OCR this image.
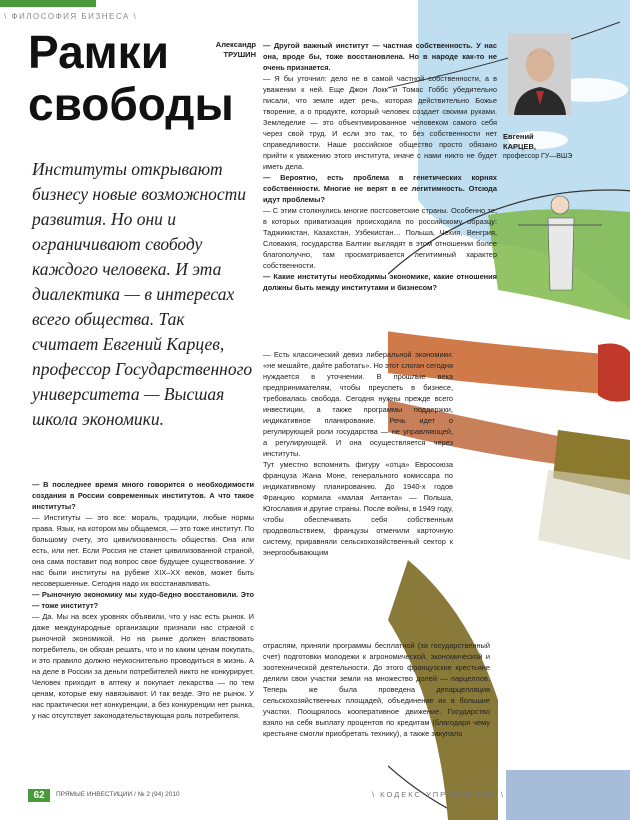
\ ФИЛОСОФИЯ БИЗНЕСА \
Рамки
свободы
Александр
ТРУШИН
Институты открывают бизнесу новые возможности развития. Но они и ограничивают свободу каждого человека. И эта диалектика — в интересах всего общества. Так считает Евгений Карцев, профессор Государственного университета — Высшая школа экономики.
Евгений
КАРЦЕВ,
профессор ГУ—ВШЭ

— В последнее время много говорится о необходимости создания в России современных институтов. А что такое институты?

— Институты — это все: мораль, традиции, любые нормы права. Язык, на котором мы общаемся, — это тоже институт. По большому счету, это цивилизованность общества. Она или есть, или нет. Если Россия не станет цивилизованной страной, она сама поставит под вопрос свое будущее существование. У нас были институты на рубеже XIX–XX веков, может быть несовершенные. Сегодня надо их восстанавливать.

— Рыночную экономику мы худо-бедно восстановили. Это — тоже институт?

— Да. Мы на всех уровнях объявили, что у нас есть рынок. И даже международные организации признали нас страной с рыночной экономикой. Но на рынке должен властвовать потребитель, он обязан решать, что и по каким ценам покупать, и это правило должно неукоснительно проводиться в жизнь. А на деле в России за деньги потребителей никто не конкурирует. Человек приходит в аптеку и покупает лекарства — по тем ценам, которые ему навязывают. И так везде. Это не рынок. У нас практически нет конкуренции, а без конкуренции нет рынка, у нас отсутствует законодательствующая роль потребителя.

— Другой важный институт — частная собственность. У нас она, вроде бы, тоже восстановлена. Но в народе как-то не очень признается.

— Я бы уточнил: дело не в самой частной собственности, а в уважении к ней. Еще Джон Локк и Томас Гоббс убедительно писали, что земле идет речь, которая действительно Божье творение, а о продукте, который человек создает своими руками. Земледелие — это объективированное человеком самого себя через свой труд. И если это так, то без собственности нет справедливости. Наше российское общество просто обязано прийти к уважению этого института, иначе с нами никто не будет иметь дела.

— Вероятно, есть проблема в генетических корнях собственности. Многие не верят в ее легитимность. Отсюда идут проблемы?

— С этим столкнулись многие постсоветские страны. Особенно те, в которых приватизация происходила по российскому образцу: Таджикистан, Казахстан, Узбекистан… Польша, Чехия, Венгрия, Словакия, государства Балтии выглядят в этом отношении более благополучно, там просматривается легитимный характер собственности.

— Какие институты необходимы экономике, какие отношения должны быть между институтами и бизнесом?

— Есть классический девиз либеральной экономики: «не мешайте, дайте работать». Но этот слоган сегодня нуждается в уточнении. В прошлые века предпринимателям, чтобы преуспеть в бизнесе, требовалась свобода. Сегодня нужны прежде всего инвестиции, а также программы поддержки, индикативное планирование. Речь идет о регулирующей роли государства — не управляющей, а регулирующей. И она осуществляется через институты.

Тут уместно вспомнить фигуру «отца» Евросоюза француза Жана Моне, генерального комиссара по индикативному планированию. До 1940-х годов Францию кормила «малая Антанта» — Польша, Югославия и другие страны. После войны, в 1949 году, чтобы обеспечивать себя собственным продовольствием, французы отменили карточную систему, приравняли сельскохозяйственный сектор к энергообывающим

отраслям, приняли программы бесплатной (за государственный счет) подготовки молодежи к агрономической, экономической и зоотехнической деятельности. До этого французские крестьяне делили свои участки земли на множество долей — парцеллов. Теперь же была проведена депарцелляция сельскохозяйственных площадей, объединение их в большие участки. Поощрялось кооперативное движение. Государство взяло на себя выплату процентов по кредитам (благодаря чему крестьяне смогли приобретать технику), а также закупало

62	ПРЯМЫЕ ИНВЕСТИЦИИ / № 2 (94) 2010	\ КОДЕКС УПРАВЛЕНИЯ \
